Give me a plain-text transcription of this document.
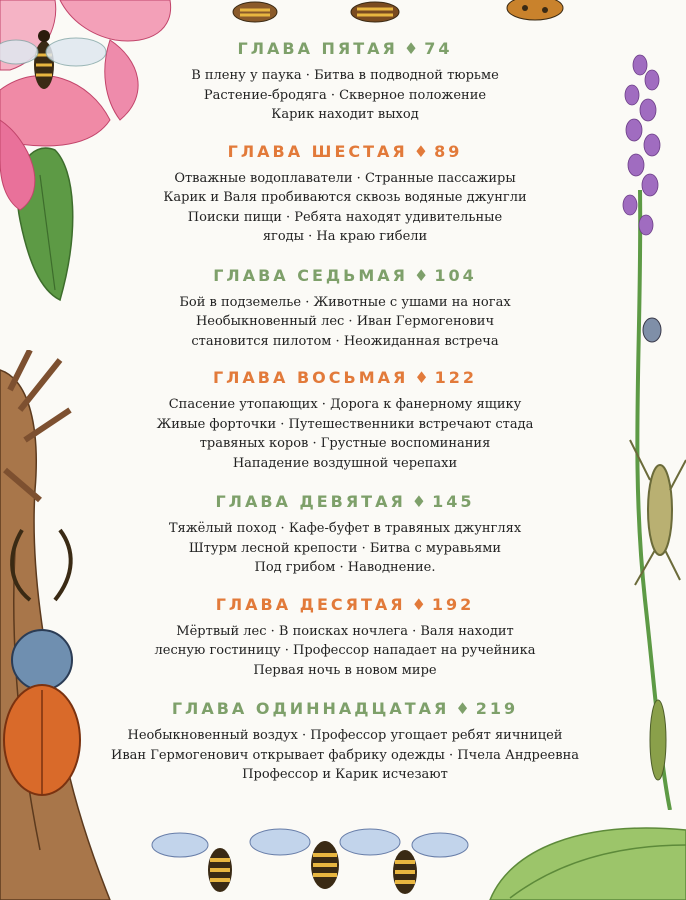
ГЛАВА ПЯТАЯ ♦ 74
В плену у паука · Битва в подводной тюрьме
Растение-бродяга · Скверное положение
Карик находит выход
ГЛАВА ШЕСТАЯ ♦ 89
Отважные водоплаватели · Странные пассажиры
Карик и Валя пробиваются сквозь водяные джунгли
Поиски пищи · Ребята находят удивительные
ягоды · На краю гибели
ГЛАВА СЕДЬМАЯ ♦ 104
Бой в подземелье · Животные с ушами на ногах
Необыкновенный лес · Иван Гермогенович
становится пилотом · Неожиданная встреча
ГЛАВА ВОСЬМАЯ ♦ 122
Спасение утопающих · Дорога к фанерному ящику
Живые форточки · Путешественники встречают стада
травяных коров · Грустные воспоминания
Нападение воздушной черепахи
ГЛАВА ДЕВЯТАЯ ♦ 145
Тяжёлый поход · Кафе-буфет в травяных джунглях
Штурм лесной крепости · Битва с муравьями
Под грибом · Наводнение.
ГЛАВА ДЕСЯТАЯ ♦ 192
Мёртвый лес · В поисках ночлега · Валя находит
лесную гостиницу · Профессор нападает на ручейника
Первая ночь в новом мире
ГЛАВА ОДИННАДЦАТАЯ ♦ 219
Необыкновенный воздух · Профессор угощает ребят яичницей
Иван Гермогенович открывает фабрику одежды · Пчела Андреевна
Профессор и Карик исчезают
